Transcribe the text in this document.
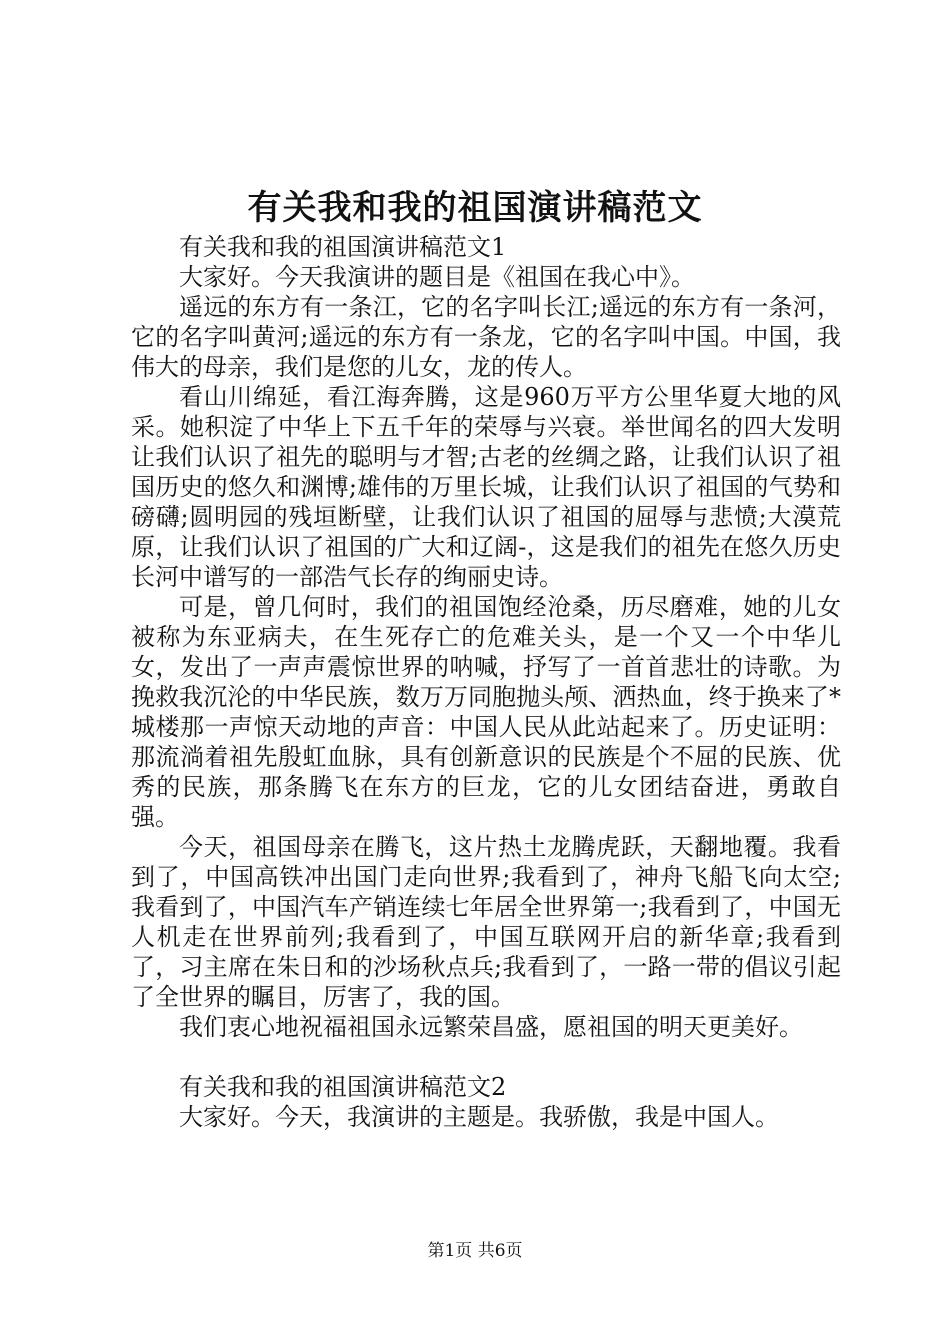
有关我和我的祖国演讲稿范文

有关我和我的祖国演讲稿范文1

大家好。今天我演讲的题目是《祖国在我心中》。

遥远的东方有一条江，它的名字叫长江;遥远的东方有一条河，它的名字叫黄河;遥远的东方有一条龙，它的名字叫中国。中国，我伟大的母亲，我们是您的儿女，龙的传人。

看山川绵延，看江海奔腾，这是960万平方公里华夏大地的风采。她积淀了中华上下五千年的荣辱与兴衰。举世闻名的四大发明让我们认识了祖先的聪明与才智;古老的丝绸之路，让我们认识了祖国历史的悠久和渊博;雄伟的万里长城，让我们认识了祖国的气势和磅礴;圆明园的残垣断壁，让我们认识了祖国的屈辱与悲愤;大漠荒原，让我们认识了祖国的广大和辽阔-，这是我们的祖先在悠久历史长河中谱写的一部浩气长存的绚丽史诗。

可是，曾几何时，我们的祖国饱经沧桑，历尽磨难，她的儿女被称为东亚病夫，在生死存亡的危难关头，是一个又一个中华儿女，发出了一声声震惊世界的呐喊，抒写了一首首悲壮的诗歌。为挽救我沉沦的中华民族，数万万同胞抛头颅、洒热血，终于换来了*城楼那一声惊天动地的声音：中国人民从此站起来了。历史证明：那流淌着祖先殷虹血脉，具有创新意识的民族是个不屈的民族、优秀的民族，那条腾飞在东方的巨龙，它的儿女团结奋进，勇敢自强。

今天，祖国母亲在腾飞，这片热土龙腾虎跃，天翻地覆。我看到了，中国高铁冲出国门走向世界;我看到了，神舟飞船飞向太空;我看到了，中国汽车产销连续七年居全世界第一;我看到了，中国无人机走在世界前列;我看到了，中国互联网开启的新华章;我看到了，习主席在朱日和的沙场秋点兵;我看到了，一路一带的倡议引起了全世界的瞩目，厉害了，我的国。

我们衷心地祝福祖国永远繁荣昌盛，愿祖国的明天更美好。

有关我和我的祖国演讲稿范文2

大家好。今天，我演讲的主题是。我骄傲，我是中国人。

第1页 共6页
